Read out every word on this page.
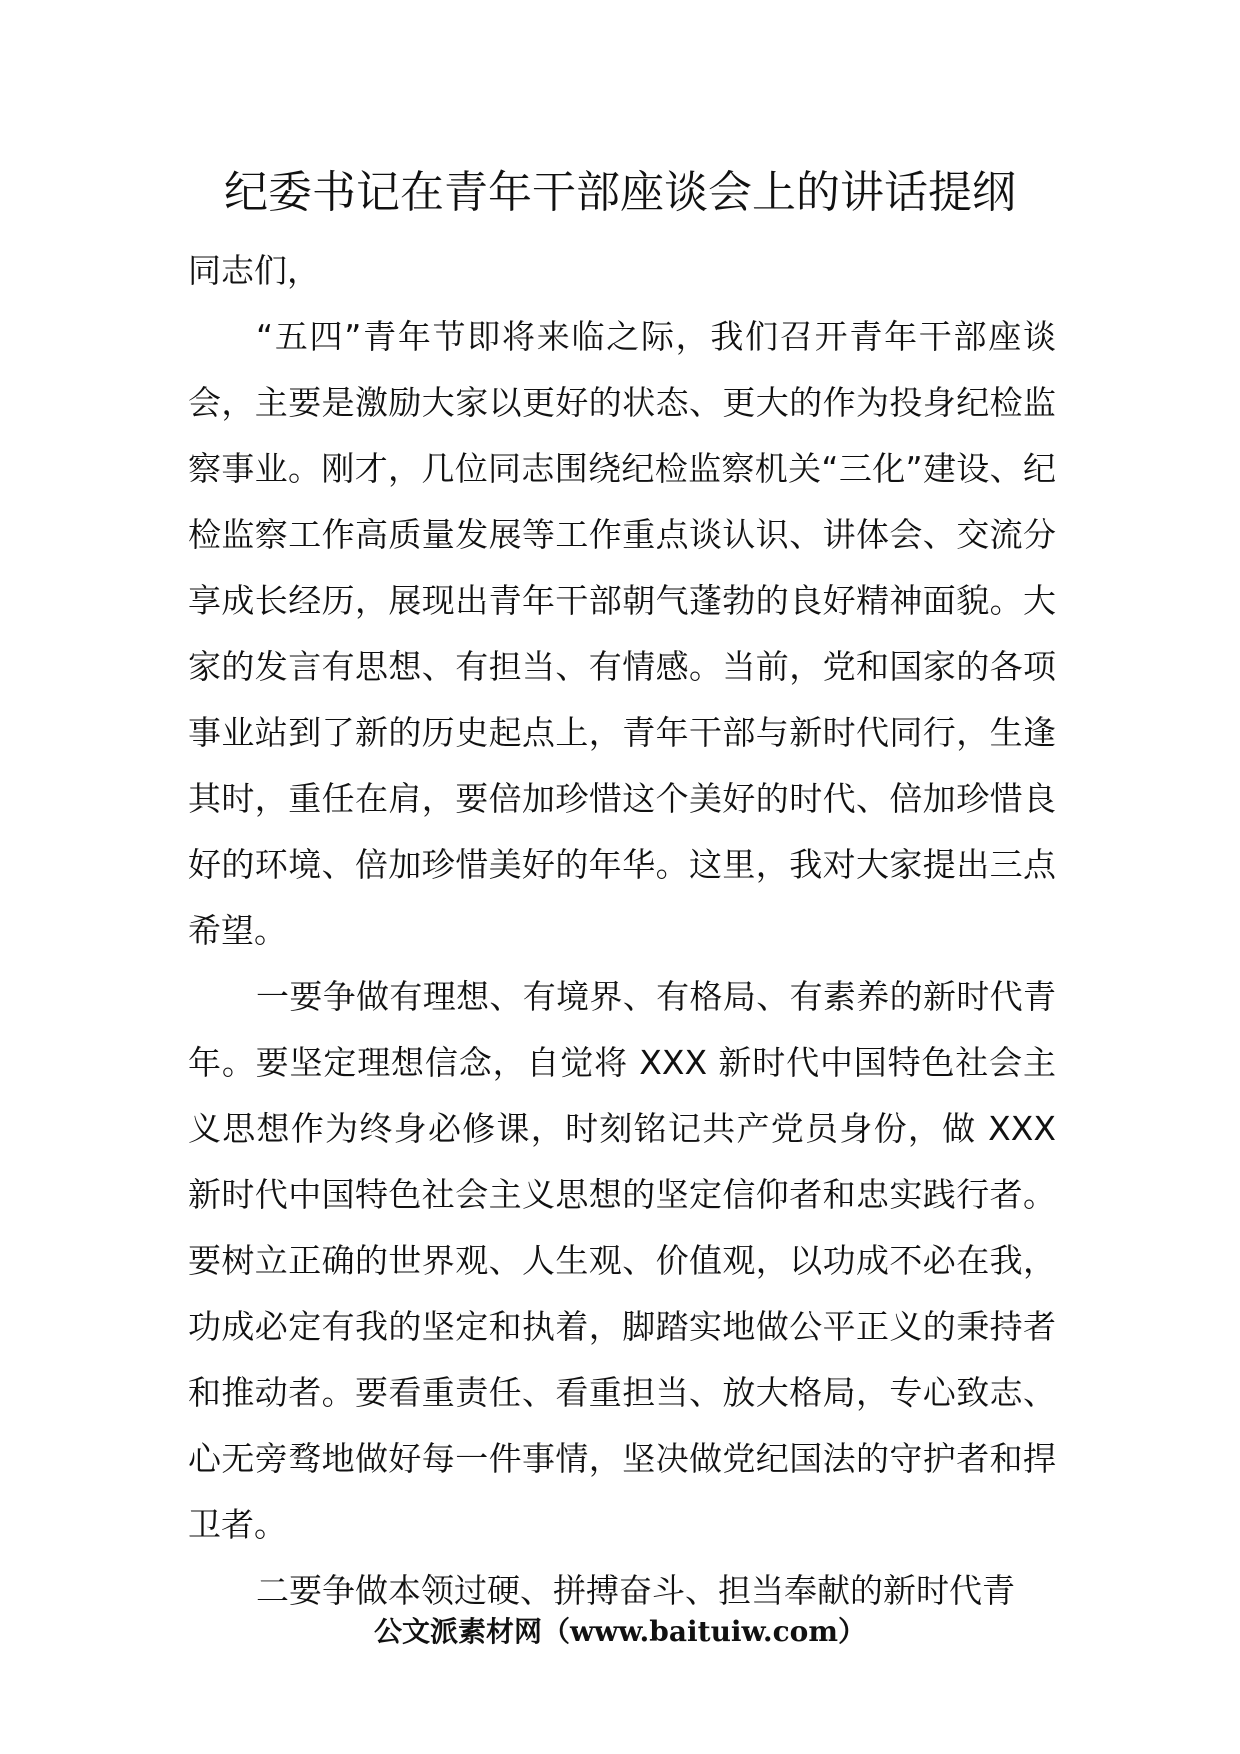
纪委书记在青年干部座谈会上的讲话提纲

同志们，

“五四”青年节即将来临之际，我们召开青年干部座谈会，主要是激励大家以更好的状态、更大的作为投身纪检监察事业。刚才，几位同志围绕纪检监察机关“三化”建设、纪检监察工作高质量发展等工作重点谈认识、讲体会、交流分享成长经历，展现出青年干部朝气蓬勃的良好精神面貌。大家的发言有思想、有担当、有情感。当前，党和国家的各项事业站到了新的历史起点上，青年干部与新时代同行，生逢其时，重任在肩，要倍加珍惜这个美好的时代、倍加珍惜良好的环境、倍加珍惜美好的年华。这里，我对大家提出三点希望。

一要争做有理想、有境界、有格局、有素养的新时代青年。要坚定理想信念，自觉将 XXX 新时代中国特色社会主义思想作为终身必修课，时刻铭记共产党员身份，做 XXX 新时代中国特色社会主义思想的坚定信仰者和忠实践行者。要树立正确的世界观、人生观、价值观，以功成不必在我，功成必定有我的坚定和执着，脚踏实地做公平正义的秉持者和推动者。要看重责任、看重担当、放大格局，专心致志、心无旁骛地做好每一件事情，坚决做党纪国法的守护者和捍卫者。

二要争做本领过硬、拼搏奋斗、担当奉献的新时代青

公文派素材网（www.baituiw.com）
